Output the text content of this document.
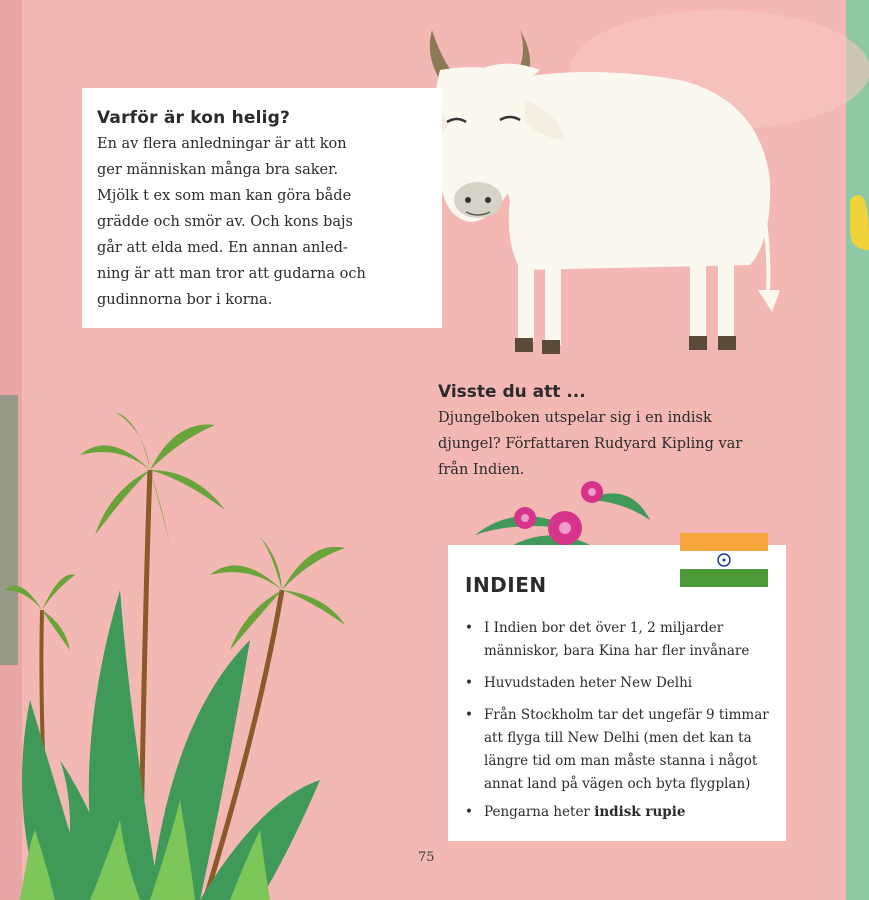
Varför är kon helig?
En av flera anledningar är att kon
ger människan många bra saker.
Mjölk t ex som man kan göra både
grädde och smör av. Och kons bajs
går att elda med. En annan anled-
ning är att man tror att gudarna och
gudinnorna bor i korna.
Visste du att ...
Djungelboken utspelar sig i en indisk
djungel? Författaren Rudyard Kipling var
från Indien.
INDIEN
• I Indien bor det över 1, 2 miljarder
människor, bara Kina har fler invånare
• Huvudstaden heter New Delhi
• Från Stockholm tar det ungefär 9 timmar
att flyga till New Delhi (men det kan ta
längre tid om man måste stanna i något
annat land på vägen och byta flygplan)
• Pengarna heter indisk rupie
75
